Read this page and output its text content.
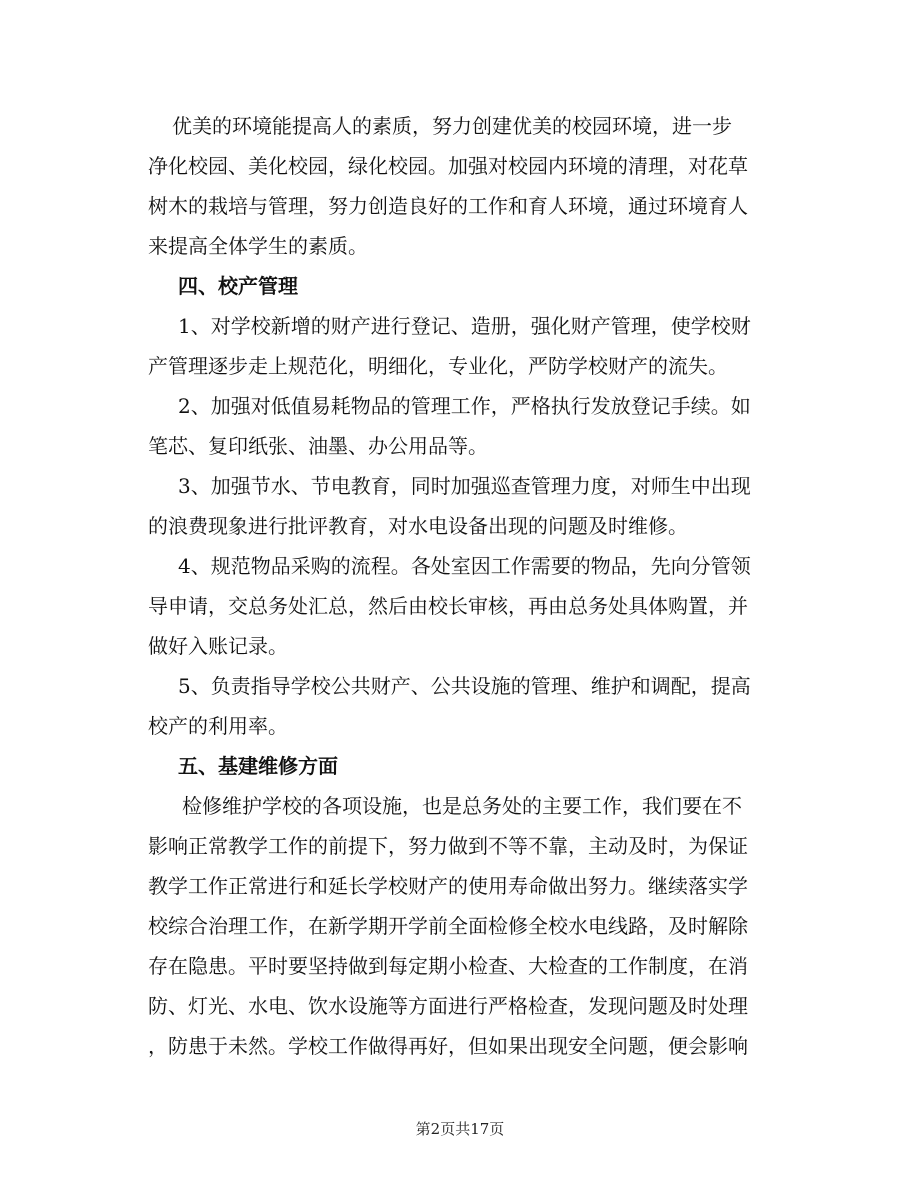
优美的环境能提高人的素质，努力创建优美的校园环境，进一步
净化校园、美化校园，绿化校园。加强对校园内环境的清理，对花草
树木的栽培与管理，努力创造良好的工作和育人环境，通过环境育人
来提高全体学生的素质。
四、校产管理
1、对学校新增的财产进行登记、造册，强化财产管理，使学校财
产管理逐步走上规范化，明细化，专业化，严防学校财产的流失。
2、加强对低值易耗物品的管理工作，严格执行发放登记手续。如
笔芯、复印纸张、油墨、办公用品等。
3、加强节水、节电教育，同时加强巡查管理力度，对师生中出现
的浪费现象进行批评教育，对水电设备出现的问题及时维修。
4、规范物品采购的流程。各处室因工作需要的物品，先向分管领
导申请，交总务处汇总，然后由校长审核，再由总务处具体购置，并
做好入账记录。
5、负责指导学校公共财产、公共设施的管理、维护和调配，提高
校产的利用率。
五、基建维修方面
检修维护学校的各项设施，也是总务处的主要工作，我们要在不
影响正常教学工作的前提下，努力做到不等不靠，主动及时，为保证
教学工作正常进行和延长学校财产的使用寿命做出努力。继续落实学
校综合治理工作，在新学期开学前全面检修全校水电线路，及时解除
存在隐患。平时要坚持做到每定期小检查、大检查的工作制度，在消
防、灯光、水电、饮水设施等方面进行严格检查，发现问题及时处理
，防患于未然。学校工作做得再好，但如果出现安全问题，便会影响
第2页共17页
